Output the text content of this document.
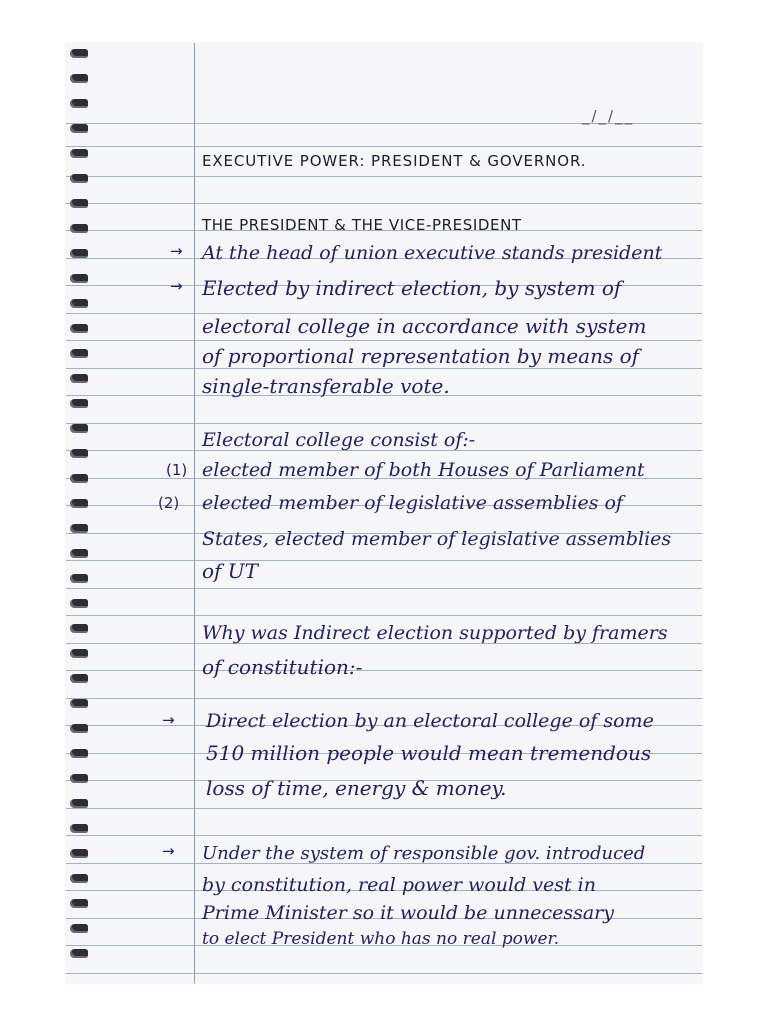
_/_/__
EXECUTIVE POWER: PRESIDENT & GOVERNOR.
THE PRESIDENT & THE VICE-PRESIDENT
→ At the head of union executive stands president
→ Elected by indirect election, by system of
electoral college in accordance with system
of proportional representation by means of
single-transferable vote.
Electoral college consist of:-
(1) elected member of both Houses of Parliament
(2) elected member of legislative assemblies of
States, elected member of legislative assemblies
of UT
Why was Indirect election supported by framers
of constitution:-
→ Direct election by an electoral college of some
510 million people would mean tremendous
loss of time, energy & money.
→ Under the system of responsible gov. introduced
by constitution, real power would vest in
Prime Minister so it would be unnecessary
to elect President who has no real power.
